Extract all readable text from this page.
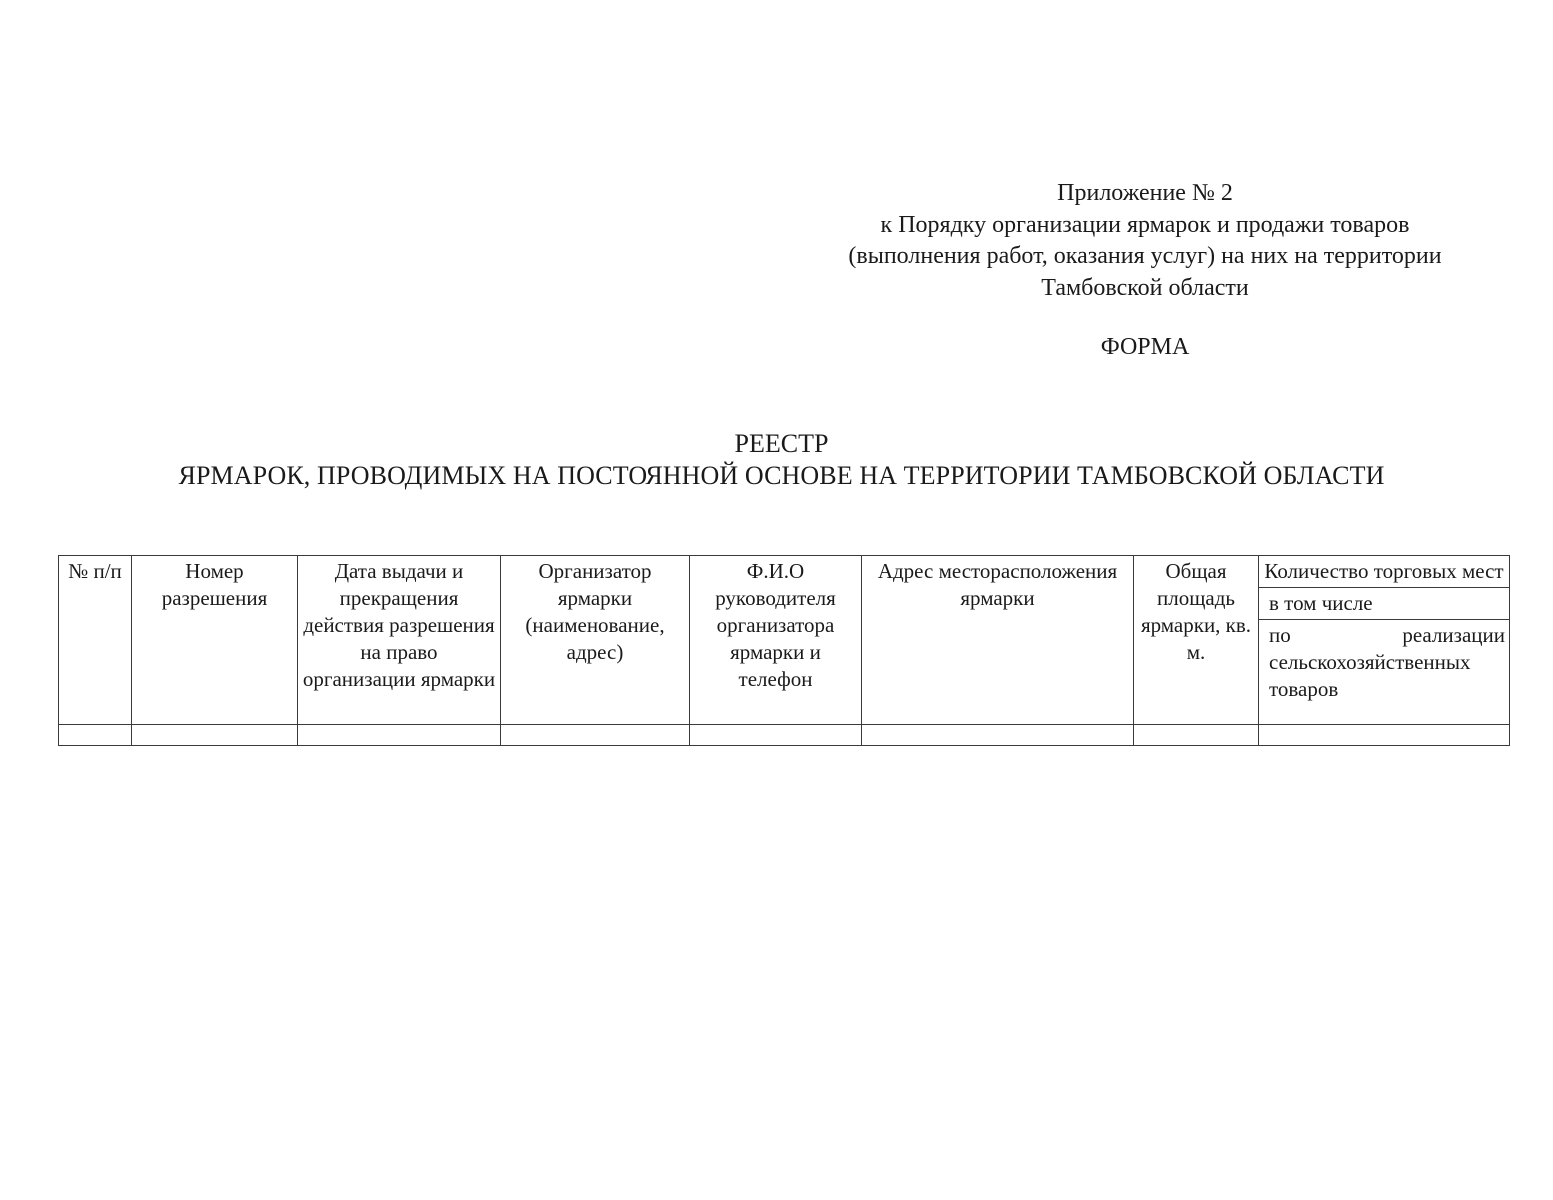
Приложение № 2
к Порядку организации ярмарок и продажи товаров
(выполнения работ, оказания услуг) на них на территории
Тамбовской области
ФОРМА
РЕЕСТР
ЯРМАРОК, ПРОВОДИМЫХ НА ПОСТОЯННОЙ ОСНОВЕ НА ТЕРРИТОРИИ ТАМБОВСКОЙ ОБЛАСТИ
№ п/п	Номер разрешения	Дата выдачи и прекращения действия разрешения на право организации ярмарки	Организатор ярмарки (наименование, адрес)	Ф.И.О руководителя организатора ярмарки и телефон	Адрес месторасположения ярмарки	Общая площадь ярмарки, кв. м.	Количество торговых мест
							в том числе

							по реализации
сельскохозяйственных товаров
